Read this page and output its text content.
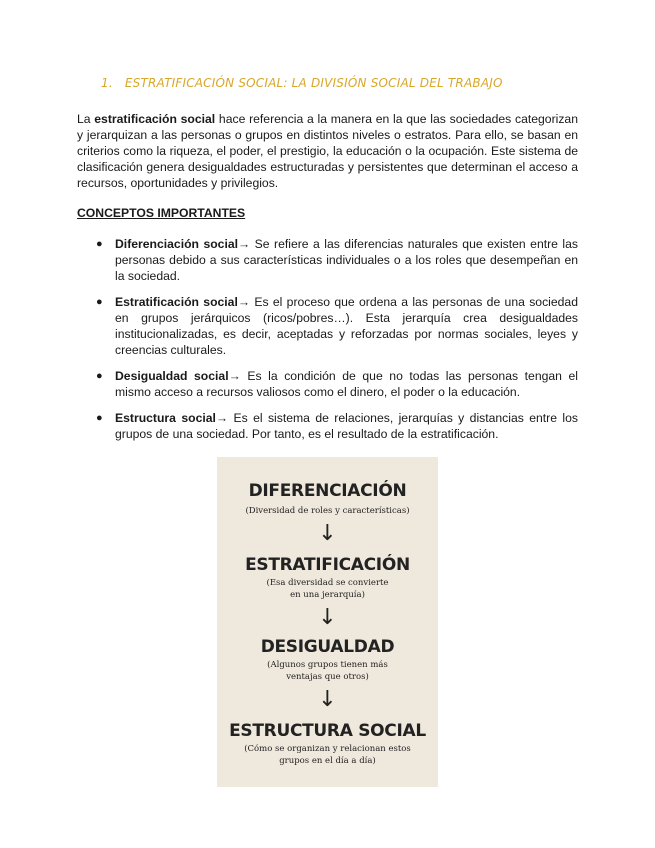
1. ESTRATIFICACIÓN SOCIAL: LA DIVISIÓN SOCIAL DEL TRABAJO

La estratificación social hace referencia a la manera en la que las sociedades categorizan y jerarquizan a las personas o grupos en distintos niveles o estratos. Para ello, se basan en criterios como la riqueza, el poder, el prestigio, la educación o la ocupación. Este sistema de clasificación genera desigualdades estructuradas y persistentes que determinan el acceso a recursos, oportunidades y privilegios.

CONCEPTOS IMPORTANTES

● Diferenciación social→ Se refiere a las diferencias naturales que existen entre las personas debido a sus características individuales o a los roles que desempeñan en la sociedad.
● Estratificación social→ Es el proceso que ordena a las personas de una sociedad en grupos jerárquicos (ricos/pobres…). Esta jerarquía crea desigualdades institucionalizadas, es decir, aceptadas y reforzadas por normas sociales, leyes y creencias culturales.
● Desigualdad social→ Es la condición de que no todas las personas tengan el mismo acceso a recursos valiosos como el dinero, el poder o la educación.
● Estructura social→ Es el sistema de relaciones, jerarquías y distancias entre los grupos de una sociedad. Por tanto, es el resultado de la estratificación.
DIFERENCIACIÓN
(Diversidad de roles y características)
↓
ESTRATIFICACIÓN
(Esa diversidad se convierte
en una jerarquía)
↓
DESIGUALDAD
(Algunos grupos tienen más
ventajas que otros)
↓
ESTRUCTURA SOCIAL
(Cómo se organizan y relacionan estos
grupos en el día a día)
